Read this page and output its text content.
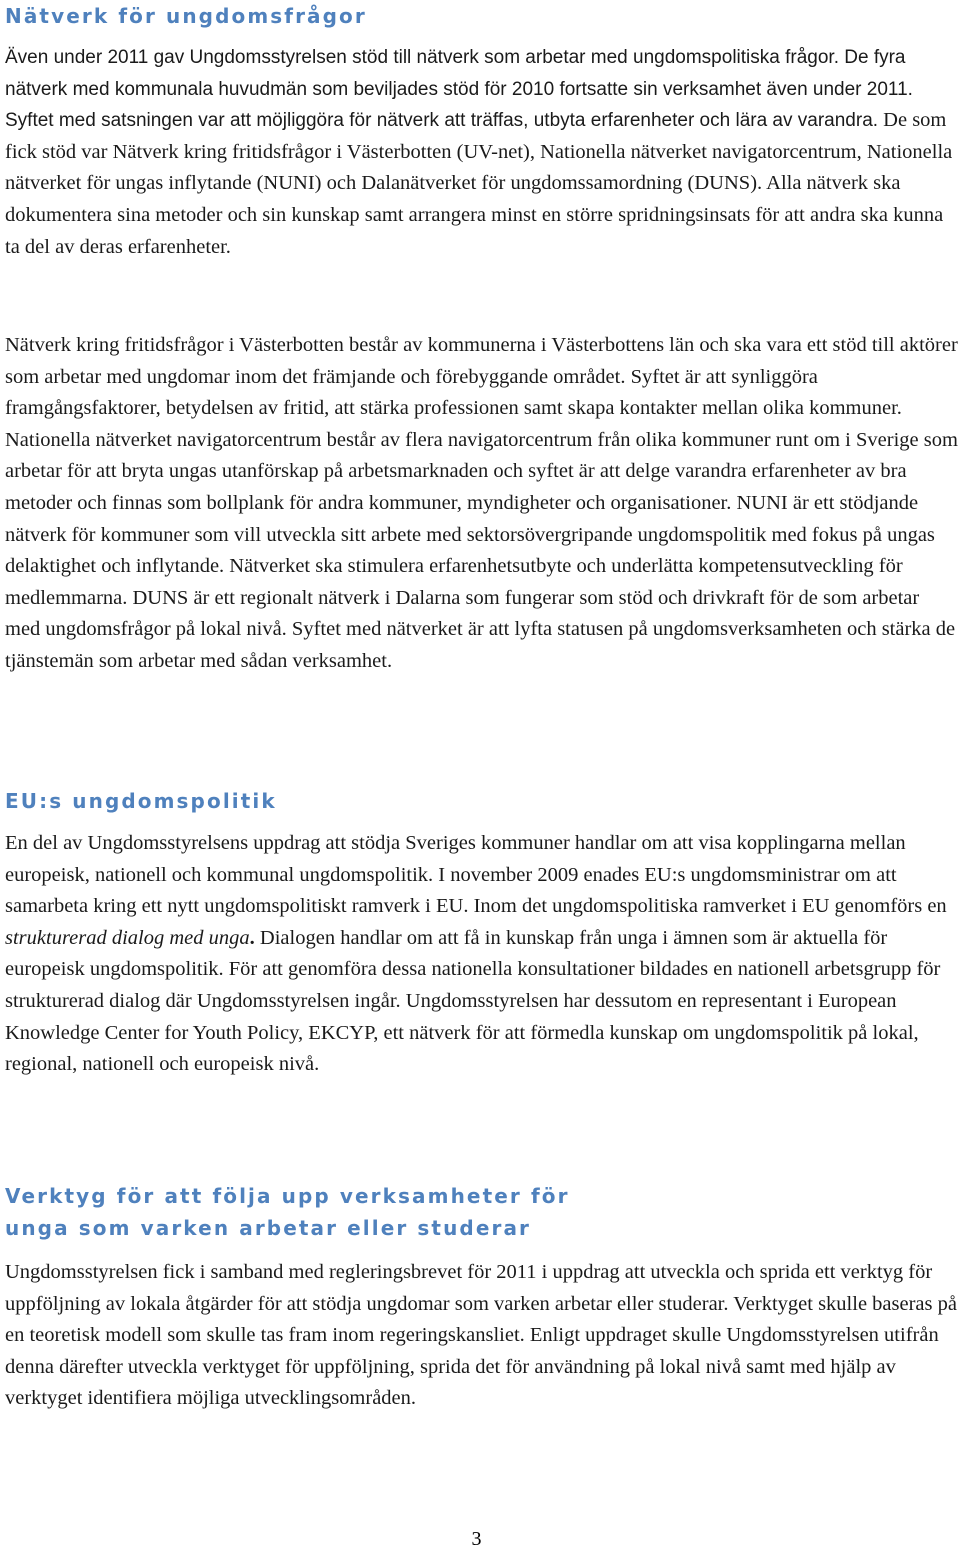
Nätverk för ungdomsfrågor

Även under 2011 gav Ungdomsstyrelsen stöd till nätverk som arbetar med ungdomspolitiska frågor. De fyra nätverk med kommunala huvudmän som beviljades stöd för 2010 fortsatte sin verksamhet även under 2011. Syftet med satsningen var att möjliggöra för nätverk att träffas, utbyta erfarenheter och lära av varandra. De som fick stöd var Nätverk kring fritidsfrågor i Västerbotten (UV-net), Nationella nätverket navigatorcentrum, Nationella nätverket för ungas inflytande (NUNI) och Dalanätverket för ungdomssamordning (DUNS). Alla nätverk ska dokumentera sina metoder och sin kunskap samt arrangera minst en större spridningsinsats för att andra ska kunna ta del av deras erfarenheter.

Nätverk kring fritidsfrågor i Västerbotten består av kommunerna i Västerbottens län och ska vara ett stöd till aktörer som arbetar med ungdomar inom det främjande och förebyggande området. Syftet är att synliggöra framgångsfaktorer, betydelsen av fritid, att stärka professionen samt skapa kontakter mellan olika kommuner. Nationella nätverket navigatorcentrum består av flera navigatorcentrum från olika kommuner runt om i Sverige som arbetar för att bryta ungas utanförskap på arbetsmarknaden och syftet är att delge varandra erfarenheter av bra metoder och finnas som bollplank för andra kommuner, myndigheter och organisationer. NUNI är ett stödjande nätverk för kommuner som vill utveckla sitt arbete med sektorsövergripande ungdomspolitik med fokus på ungas delaktighet och inflytande. Nätverket ska stimulera erfarenhetsutbyte och underlätta kompetensutveckling för medlemmarna. DUNS är ett regionalt nätverk i Dalarna som fungerar som stöd och drivkraft för de som arbetar med ungdomsfrågor på lokal nivå. Syftet med nätverket är att lyfta statusen på ungdomsverksamheten och stärka de tjänstemän som arbetar med sådan verksamhet.

EU:s ungdomspolitik

En del av Ungdomsstyrelsens uppdrag att stödja Sveriges kommuner handlar om att visa kopplingarna mellan europeisk, nationell och kommunal ungdomspolitik. I november 2009 enades EU:s ungdomsministrar om att samarbeta kring ett nytt ungdomspolitiskt ramverk i EU. Inom det ungdomspolitiska ramverket i EU genomförs en strukturerad dialog med unga. Dialogen handlar om att få in kunskap från unga i ämnen som är aktuella för europeisk ungdomspolitik. För att genomföra dessa nationella konsultationer bildades en nationell arbetsgrupp för strukturerad dialog där Ungdomsstyrelsen ingår. Ungdomsstyrelsen har dessutom en representant i European Knowledge Center for Youth Policy, EKCYP, ett nätverk för att förmedla kunskap om ungdomspolitik på lokal, regional, nationell och europeisk nivå.

Verktyg för att följa upp verksamheter för
unga som varken arbetar eller studerar

Ungdomsstyrelsen fick i samband med regleringsbrevet för 2011 i uppdrag att utveckla och sprida ett verktyg för uppföljning av lokala åtgärder för att stödja ungdomar som varken arbetar eller studerar. Verktyget skulle baseras på en teoretisk modell som skulle tas fram inom regeringskansliet. Enligt uppdraget skulle Ungdomsstyrelsen utifrån denna därefter utveckla verktyget för uppföljning, sprida det för användning på lokal nivå samt med hjälp av verktyget identifiera möjliga utvecklingsområden.

3
